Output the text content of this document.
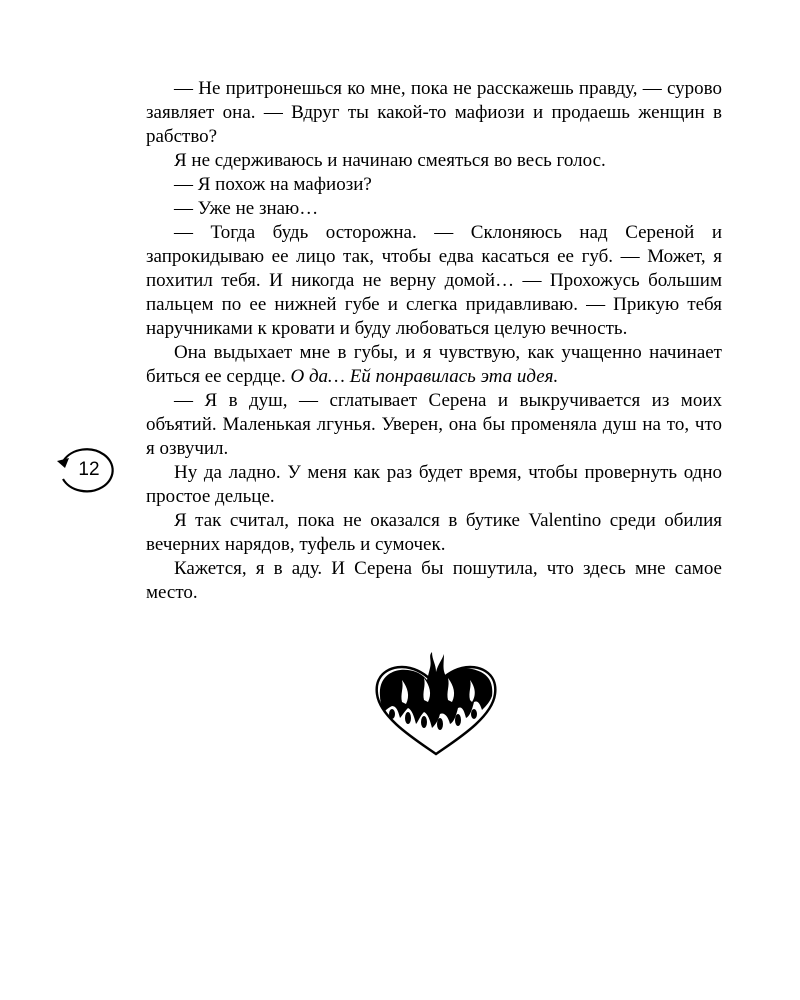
— Не притронешься ко мне, пока не расскажешь правду, — сурово заявляет она. — Вдруг ты какой-то мафиози и продаешь женщин в рабство?

Я не сдерживаюсь и начинаю смеяться во весь голос.

— Я похож на мафиози?

— Уже не знаю…

— Тогда будь осторожна. — Склоняюсь над Сереной и запрокидываю ее лицо так, чтобы едва касаться ее губ. — Может, я похитил тебя. И никогда не верну домой… — Прохожусь большим пальцем по ее нижней губе и слегка придавливаю. — Прикую тебя наручниками к кровати и буду любоваться целую вечность.

Она выдыхает мне в губы, и я чувствую, как учащенно начинает биться ее сердце. О да… Ей понравилась эта идея.

— Я в душ, — сглатывает Серена и выкручивается из моих объятий. Маленькая лгунья. Уверен, она бы променяла душ на то, что я озвучил.

Ну да ладно. У меня как раз будет время, чтобы провернуть одно простое дельце.

Я так считал, пока не оказался в бутике Valentino среди обилия вечерних нарядов, туфель и сумочек.

Кажется, я в аду. И Серена бы пошутила, что здесь мне самое место.

12
